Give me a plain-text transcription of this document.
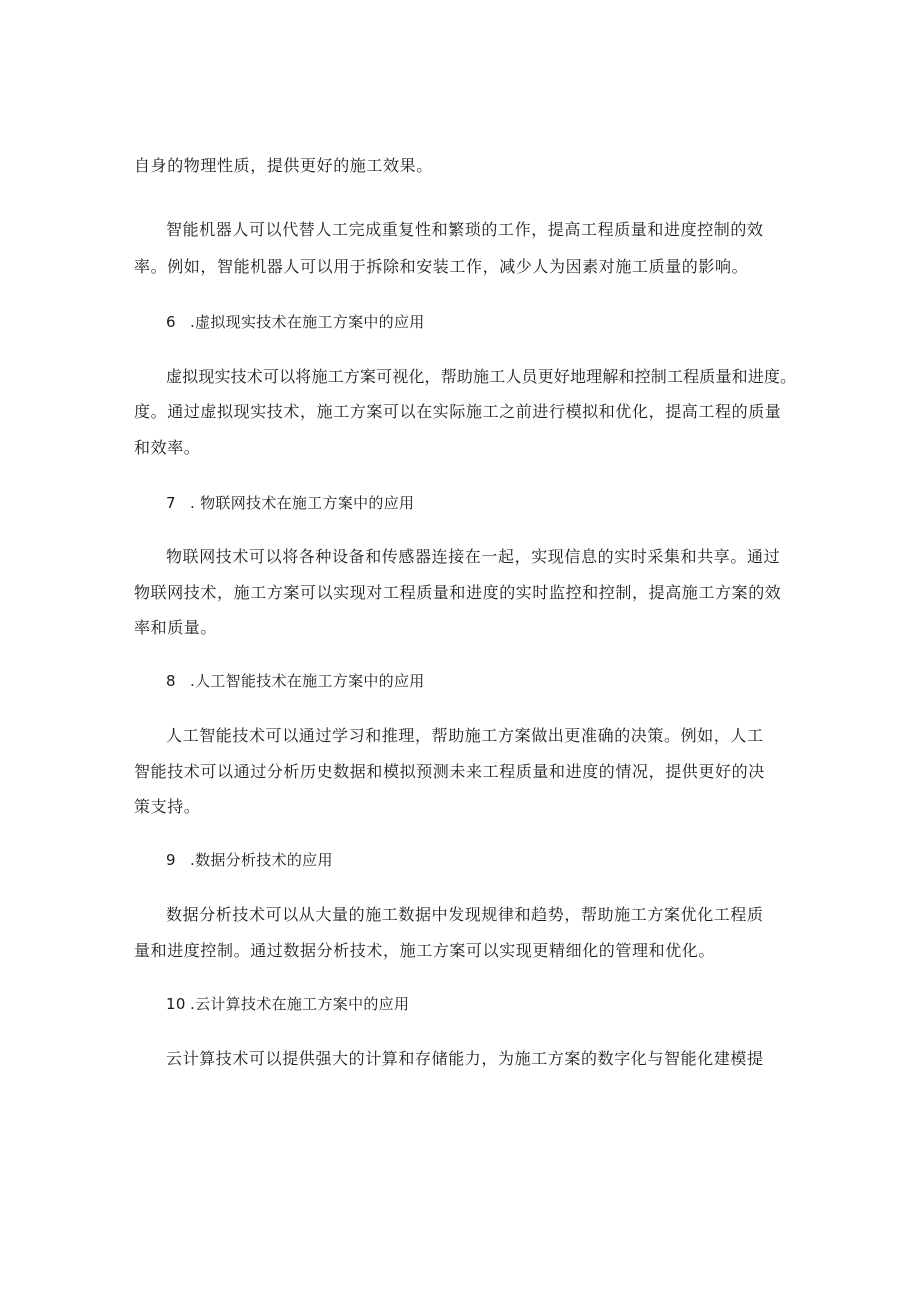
自身的物理性质，提供更好的施工效果。
智能机器人可以代替人工完成重复性和繁琐的工作，提高工程质量和进度控制的效
率。例如，智能机器人可以用于拆除和安装工作，减少人为因素对施工质量的影响。
6 .虚拟现实技术在施工方案中的应用
虚拟现实技术可以将施工方案可视化，帮助施工人员更好地理解和控制工程质量和进度。
度。通过虚拟现实技术，施工方案可以在实际施工之前进行模拟和优化，提高工程的质量
和效率。
7 . 物联网技术在施工方案中的应用
物联网技术可以将各种设备和传感器连接在一起，实现信息的实时采集和共享。通过
物联网技术，施工方案可以实现对工程质量和进度的实时监控和控制，提高施工方案的效
率和质量。
8 .人工智能技术在施工方案中的应用
人工智能技术可以通过学习和推理，帮助施工方案做出更准确的决策。例如，人工
智能技术可以通过分析历史数据和模拟预测未来工程质量和进度的情况，提供更好的决
策支持。
9 .数据分析技术的应用
数据分析技术可以从大量的施工数据中发现规律和趋势，帮助施工方案优化工程质
量和进度控制。通过数据分析技术，施工方案可以实现更精细化的管理和优化。
10 .云计算技术在施工方案中的应用
云计算技术可以提供强大的计算和存储能力，为施工方案的数字化与智能化建模提
